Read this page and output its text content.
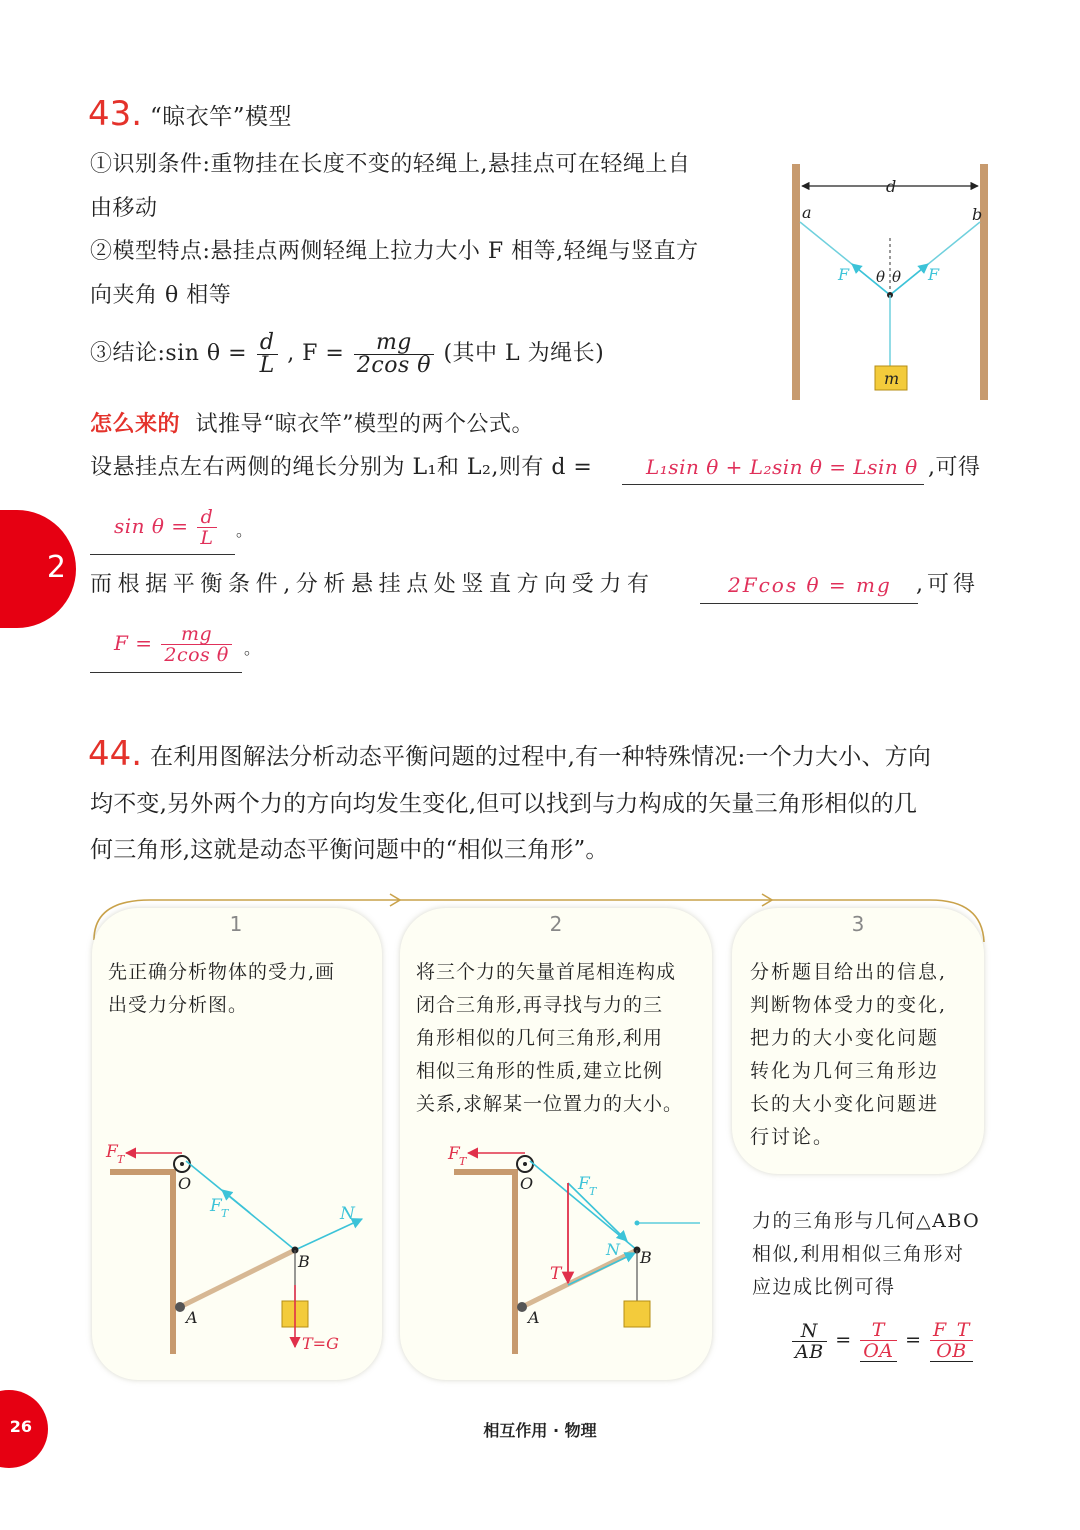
43. “晾衣竿”模型
①识别条件:重物挂在长度不变的轻绳上,悬挂点可在轻绳上自
由移动
②模型特点:悬挂点两侧轻绳上拉力大小 F 相等,轻绳与竖直方
向夹角 θ 相等
③结论:sin $\theta = \frac{d}{L}$ , $F = \frac{mg}{\text{2cos θ}}$ (其中 L 为绳长)
d
a	b
F	F
θ θ
m
怎么来的 试推导“晾衣竿”模型的两个公式。
设悬挂点左右两侧的绳长分别为 L₁和 L₂,则有 d =	L₁sin θ + L₂sin θ = Lsin θ ,可得
$\sin \theta = \frac{d}{L}$ 。
而根据平衡条件,分析悬挂点处竖直方向受力有	2Fcos θ = mg ,可得
$F = \frac{mg}{\text{2cos θ}}$ 。
2
44. 在利用图解法分析动态平衡问题的过程中,有一种特殊情况:一个力大小、方向
均不变,另外两个力的方向均发生变化,但可以找到与力构成的矢量三角形相似的几
何三角形,这就是动态平衡问题中的“相似三角形”。
1
先正确分析物体的受力,画
出受力分析图。
2
将三个力的矢量首尾相连构成
闭合三角形,再寻找与力的三
角形相似的几何三角形,利用
相似三角形的性质,建立比例
关系,求解某一位置力的大小。
3
分析题目给出的信息,
判断物体受力的变化,
把力的大小变化问题
转化为几何三角形边
长的大小变化问题进
行讨论。
F T
O
F T	N
B
A
T=G
F T
O	F T
N B
T
A
力的三角形与几何△ABO
相似,利用相似三角形对
应边成比例可得
$\frac{N}{AB} = \frac{T}{OA} = \frac{F\_T}{OB}$
26	相互作用 · 物理
